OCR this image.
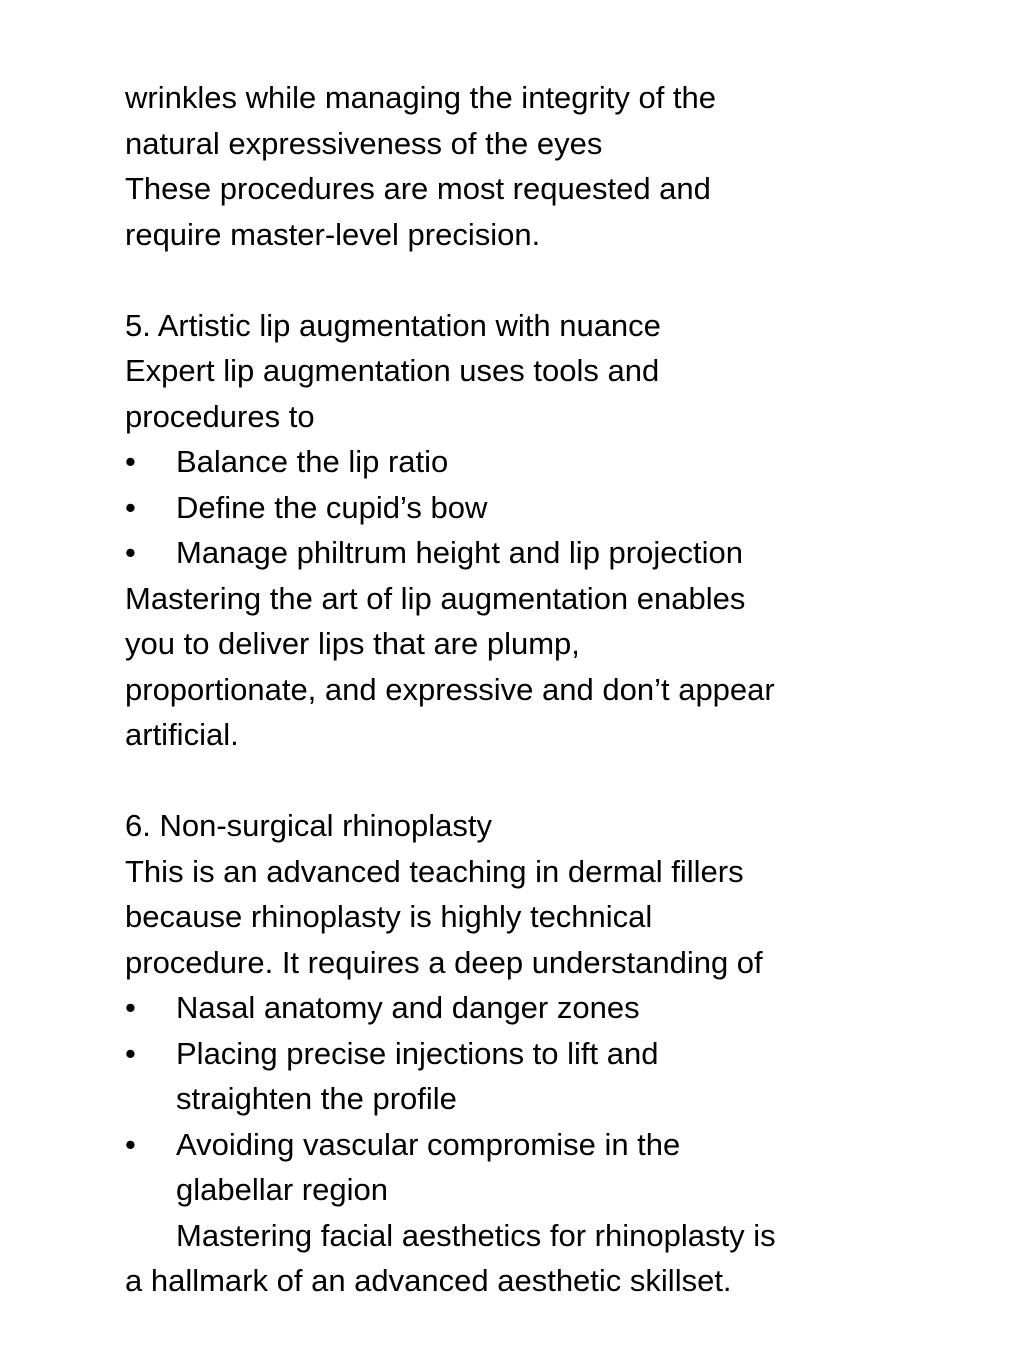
wrinkles while managing the integrity of the
natural expressiveness of the eyes
These procedures are most requested and
require master-level precision.
5. Artistic lip augmentation with nuance
Expert lip augmentation uses tools and
procedures to
•	Balance the lip ratio
•	Define the cupid’s bow
•	Manage philtrum height and lip projection
Mastering the art of lip augmentation enables
you to deliver lips that are plump,
proportionate, and expressive and don’t appear
artificial.
6. Non-surgical rhinoplasty
This is an advanced teaching in dermal fillers
because rhinoplasty is highly technical
procedure. It requires a deep understanding of
•	Nasal anatomy and danger zones
•	Placing precise injections to lift and
straighten the profile
•	Avoiding vascular compromise in the
glabellar region
Mastering facial aesthetics for rhinoplasty is
a hallmark of an advanced aesthetic skillset.
